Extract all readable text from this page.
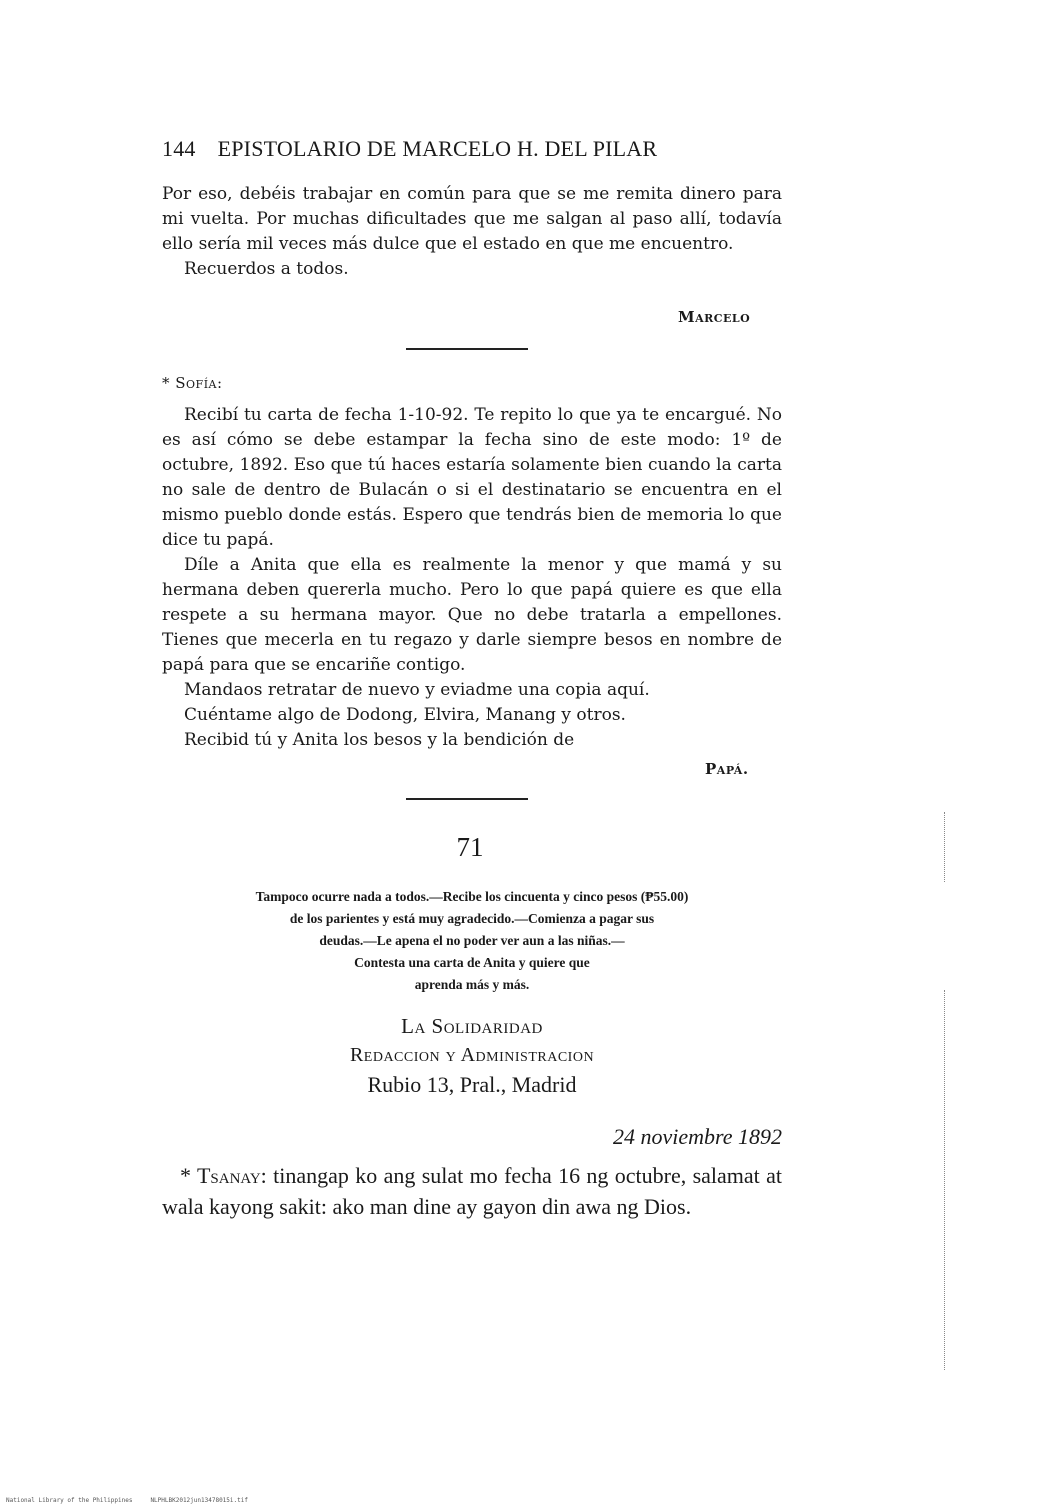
144 EPISTOLARIO DE MARCELO H. DEL PILAR

Por eso, debéis trabajar en común para que se me remita dinero para mi vuelta. Por muchas dificultades que me salgan al paso allí, todavía ello sería mil veces más dulce que el estado en que me encuentro.

Recuerdos a todos.

Marcelo
* Sofía:

Recibí tu carta de fecha 1-10-92. Te repito lo que ya te encargué. No es así cómo se debe estampar la fecha sino de este modo: 1º de octubre, 1892. Eso que tú haces estaría solamente bien cuando la carta no sale de dentro de Bulacán o si el destinatario se encuentra en el mismo pueblo donde estás. Espero que tendrás bien de memoria lo que dice tu papá.

Díle a Anita que ella es realmente la menor y que mamá y su hermana deben quererla mucho. Pero lo que papá quiere es que ella respete a su hermana mayor. Que no debe tratarla a empellones. Tienes que mecerla en tu regazo y darle siempre besos en nombre de papá para que se encariñe contigo.

Mandaos retratar de nuevo y eviadme una copia aquí.

Cuéntame algo de Dodong, Elvira, Manang y otros.

Recibid tú y Anita los besos y la bendición de

Papá.
71

Tampoco ocurre nada a todos.—Recibe los cincuenta y cinco pesos (₱55.00)

de los parientes y está muy agradecido.—Comienza a pagar sus

deudas.—Le apena el no poder ver aun a las niñas.—

Contesta una carta de Anita y quiere que

aprenda más y más.

La Solidaridad
Redaccion y Administracion
Rubio 13, Pral., Madrid
24 noviembre 1892
* Tsanay: tinangap ko ang sulat mo fecha 16 ng octubre, salamat at wala kayong sakit: ako man dine ay gayon din awa ng Dios.
National Library of the Philippines	NLPHLBK2012jun13478015i.tif
